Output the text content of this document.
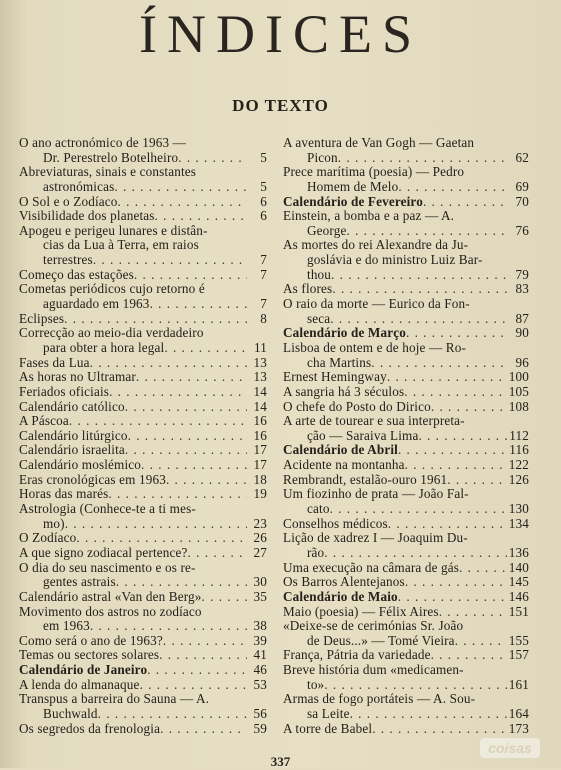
ÍNDICES
DO TEXTO
O ano actronómico de 1963 —
Dr. Perestrelo Botelheiro . . .	5
Abreviaturas, sinais e constantes
astronómicas . . .	5
O Sol e o Zodíaco . . .	6
Visibilidade dos planetas . . .	6
Apogeu e perigeu lunares e distân-
cias da Lua à Terra, em raios
terrestres . . .	7
Começo das estações . . .	7
Cometas periódicos cujo retorno é
aguardado em 1963 . . .	7
Eclipses . . .	8
Correcção ao meio-dia verdadeiro
para obter a hora legal . . .	11
Fases da Lua . . .	13
As horas no Ultramar . . .	13
Feriados oficiais . . .	14
Calendário católico . . .	14
A Páscoa . . .	16
Calendário litúrgico . . .	16
Calendário israelita . . .	17
Calendário moslémico . . .	17
Eras cronológicas em 1963 . . .	18
Horas das marés . . .	19
Astrologia (Conhece-te a ti mes-
mo) . . .	23
O Zodíaco . . .	26
A que signo zodiacal pertence? . . .	27
O dia do seu nascimento e os re-
gentes astrais . . .	30
Calendário astral «Van den Berg» . . .	35
Movimento dos astros no zodíaco
em 1963 . . .	38
Como será o ano de 1963? . . .	39
Temas ou sectores solares . . .	41
Calendário de Janeiro . . .	46
A lenda do almanaque . . .	53
Transpus a barreira do Sauna — A.
Buchwald . . .	56
Os segredos da frenologia . . .	59
A aventura de Van Gogh — Gaetan
Picon . . .	62
Prece marítima (poesia) — Pedro
Homem de Melo . . .	69
Calendário de Fevereiro . . .	70
Einstein, a bomba e a paz — A.
George . . .	76
As mortes do rei Alexandre da Ju-
goslávia e do ministro Luiz Bar-
thou . . .	79
As flores . . .	83
O raio da morte — Eurico da Fon-
seca . . .	87
Calendário de Março . . .	90
Lisboa de ontem e de hoje — Ro-
cha Martins . . .	96
Ernest Hemingway . . .	100
A sangria há 3 séculos . . .	105
O chefe do Posto do Dirico . . .	108
A arte de tourear e sua interpreta-
ção — Saraiva Lima . . .	112
Calendário de Abril . . .	116
Acidente na montanha . . .	122
Rembrandt, estalão-ouro 1961 . . .	126
Um fiozinho de prata — João Fal-
cato . . .	130
Conselhos médicos . . .	134
Lição de xadrez I — Joaquim Du-
rão . . .	136
Uma execução na câmara de gás . . .	140
Os Barros Alentejanos . . .	145
Calendário de Maio . . .	146
Maio (poesia) — Félix Aires . . .	151
«Deixe-se de cerimónias Sr. João
de Deus...» — Tomé Vieira . . .	155
França, Pátria da variedade . . .	157
Breve história dum «medicamen-
to» . . .	161
Armas de fogo portáteis — A. Sou-
sa Leite . . .	164
A torre de Babel . . .	173
337
coisas
